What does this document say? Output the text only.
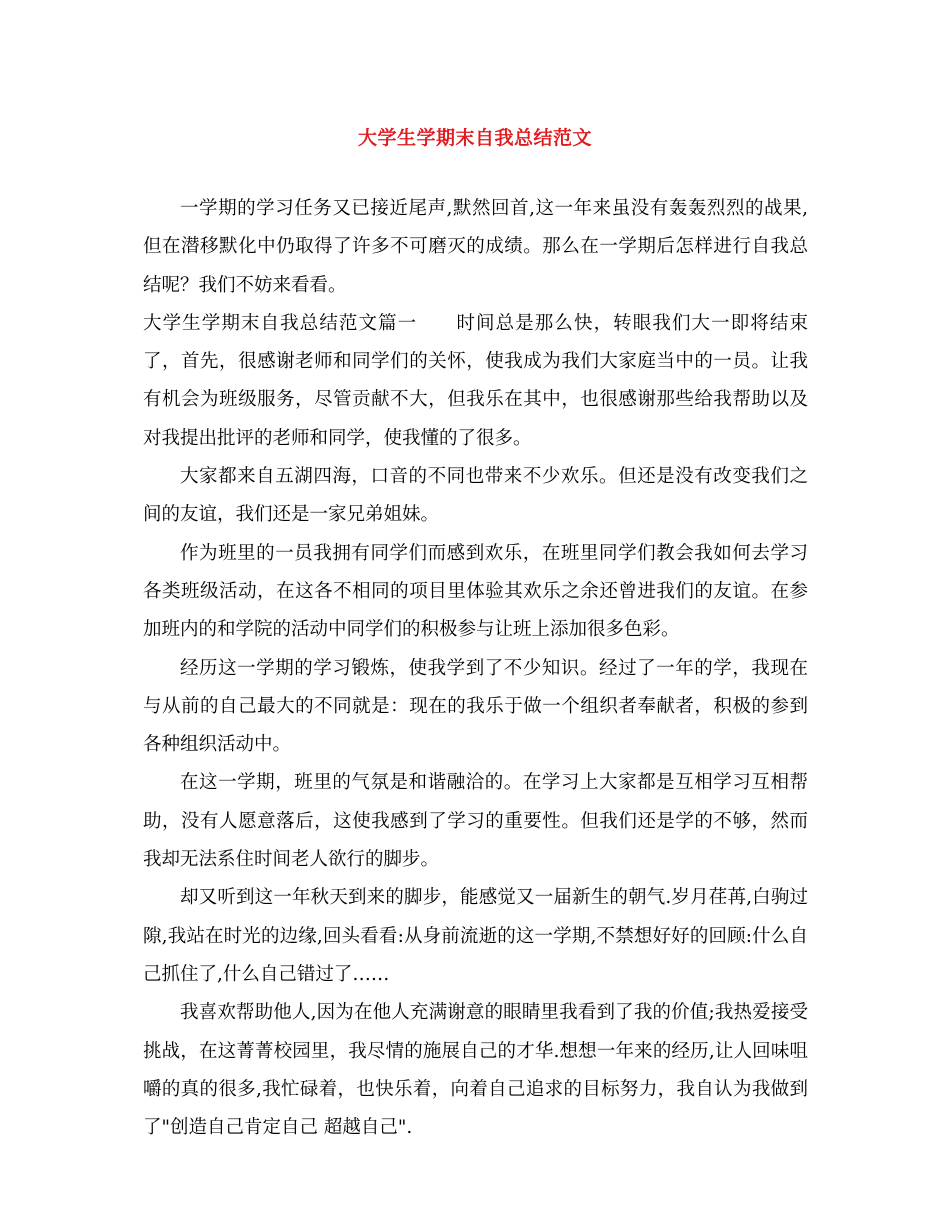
大学生学期末自我总结范文

一学期的学习任务又已接近尾声,默然回首,这一年来虽没有轰轰烈烈的战果,但在潜移默化中仍取得了许多不可磨灭的成绩。那么在一学期后怎样进行自我总结呢？我们不妨来看看。

大学生学期末自我总结范文篇一　　时间总是那么快，转眼我们大一即将结束了，首先，很感谢老师和同学们的关怀，使我成为我们大家庭当中的一员。让我有机会为班级服务，尽管贡献不大，但我乐在其中，也很感谢那些给我帮助以及对我提出批评的老师和同学，使我懂的了很多。

大家都来自五湖四海，口音的不同也带来不少欢乐。但还是没有改变我们之间的友谊，我们还是一家兄弟姐妹。

作为班里的一员我拥有同学们而感到欢乐，在班里同学们教会我如何去学习各类班级活动，在这各不相同的项目里体验其欢乐之余还曾进我们的友谊。在参加班内的和学院的活动中同学们的积极参与让班上添加很多色彩。

经历这一学期的学习锻炼，使我学到了不少知识。经过了一年的学，我现在与从前的自己最大的不同就是：现在的我乐于做一个组织者奉献者，积极的参到各种组织活动中。

在这一学期，班里的气氛是和谐融洽的。在学习上大家都是互相学习互相帮助，没有人愿意落后，这使我感到了学习的重要性。但我们还是学的不够，然而我却无法系住时间老人欲行的脚步。

却又听到这一年秋天到来的脚步，能感觉又一届新生的朝气.岁月荏苒,白驹过隙,我站在时光的边缘,回头看看:从身前流逝的这一学期,不禁想好好的回顾:什么自己抓住了,什么自己错过了……

我喜欢帮助他人,因为在他人充满谢意的眼睛里我看到了我的价值;我热爱接受挑战，在这菁菁校园里，我尽情的施展自己的才华.想想一年来的经历,让人回味咀嚼的真的很多,我忙碌着，也快乐着，向着自己追求的目标努力，我自认为我做到了"创造自己肯定自己 超越自己".
